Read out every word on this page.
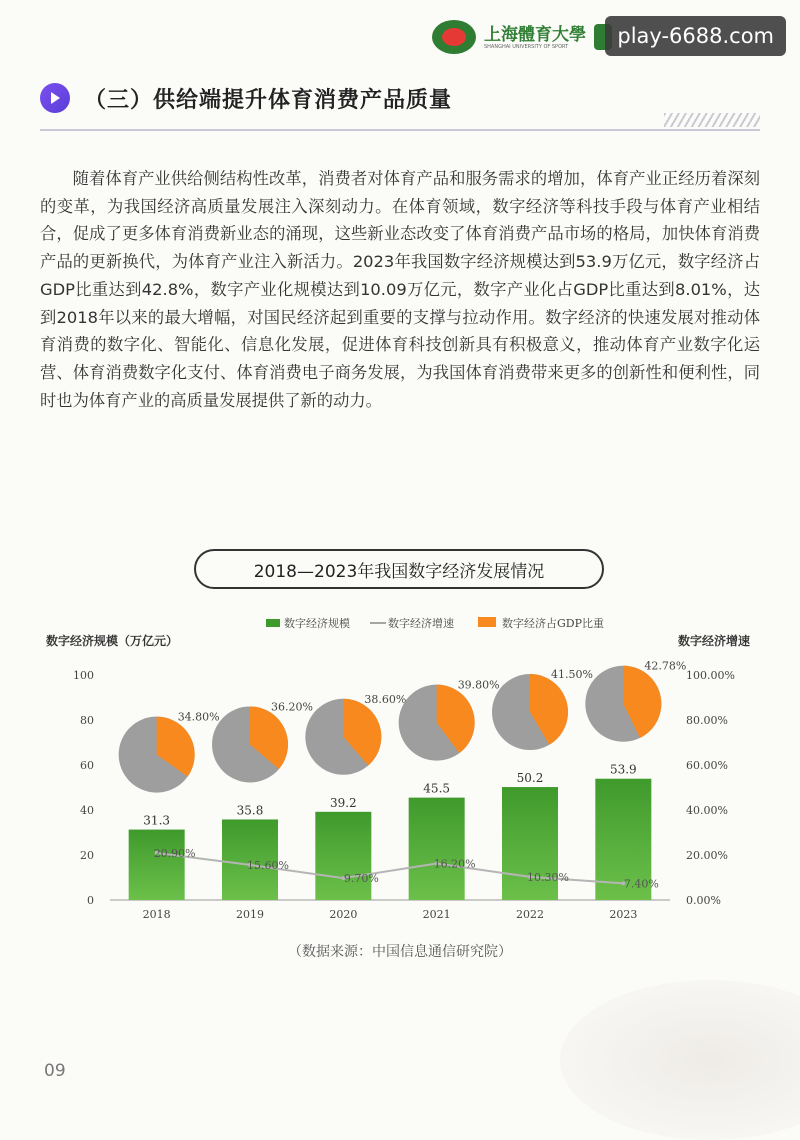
上海體育大學
SHANGHAI UNIVERSITY OF SPORT	play-6688.com
（三）供给端提升体育消费产品质量

随着体育产业供给侧结构性改革，消费者对体育产品和服务需求的增加，体育产业正经历着深刻的变革，为我国经济高质量发展注入深刻动力。在体育领域，数字经济等科技手段与体育产业相结合，促成了更多体育消费新业态的涌现，这些新业态改变了体育消费产品市场的格局，加快体育消费产品的更新换代，为体育产业注入新活力。2023年我国数字经济规模达到53.9万亿元，数字经济占GDP比重达到42.8%，数字产业化规模达到10.09万亿元，数字产业化占GDP比重达到8.01%，达到2018年以来的最大增幅，对国民经济起到重要的支撑与拉动作用。数字经济的快速发展对推动体育消费的数字化、智能化、信息化发展，促进体育科技创新具有积极意义，推动体育产业数字化运营、体育消费数字化支付、体育消费电子商务发展，为我国体育消费带来更多的创新性和便利性，同时也为体育产业的高质量发展提供了新的动力。

2018—2023年我国数字经济发展情况
数字经济规模（万亿元）	数字经济增速
数字经济规模	数字经济增速	数字经济占GDP比重
0
20
40
60
80
100
0.00%
20.00%
40.00%
60.00%
80.00%
100.00%
31.3
2018
35.8
2019
39.2
2020
45.5
2021
50.2
2022
53.9
2023
20.90%
15.60%
9.70%
16.20%
10.30%
7.40%
34.80%
36.20%
38.60%
39.80%
41.50%
42.78%
（数据来源：中国信息通信研究院）
09
